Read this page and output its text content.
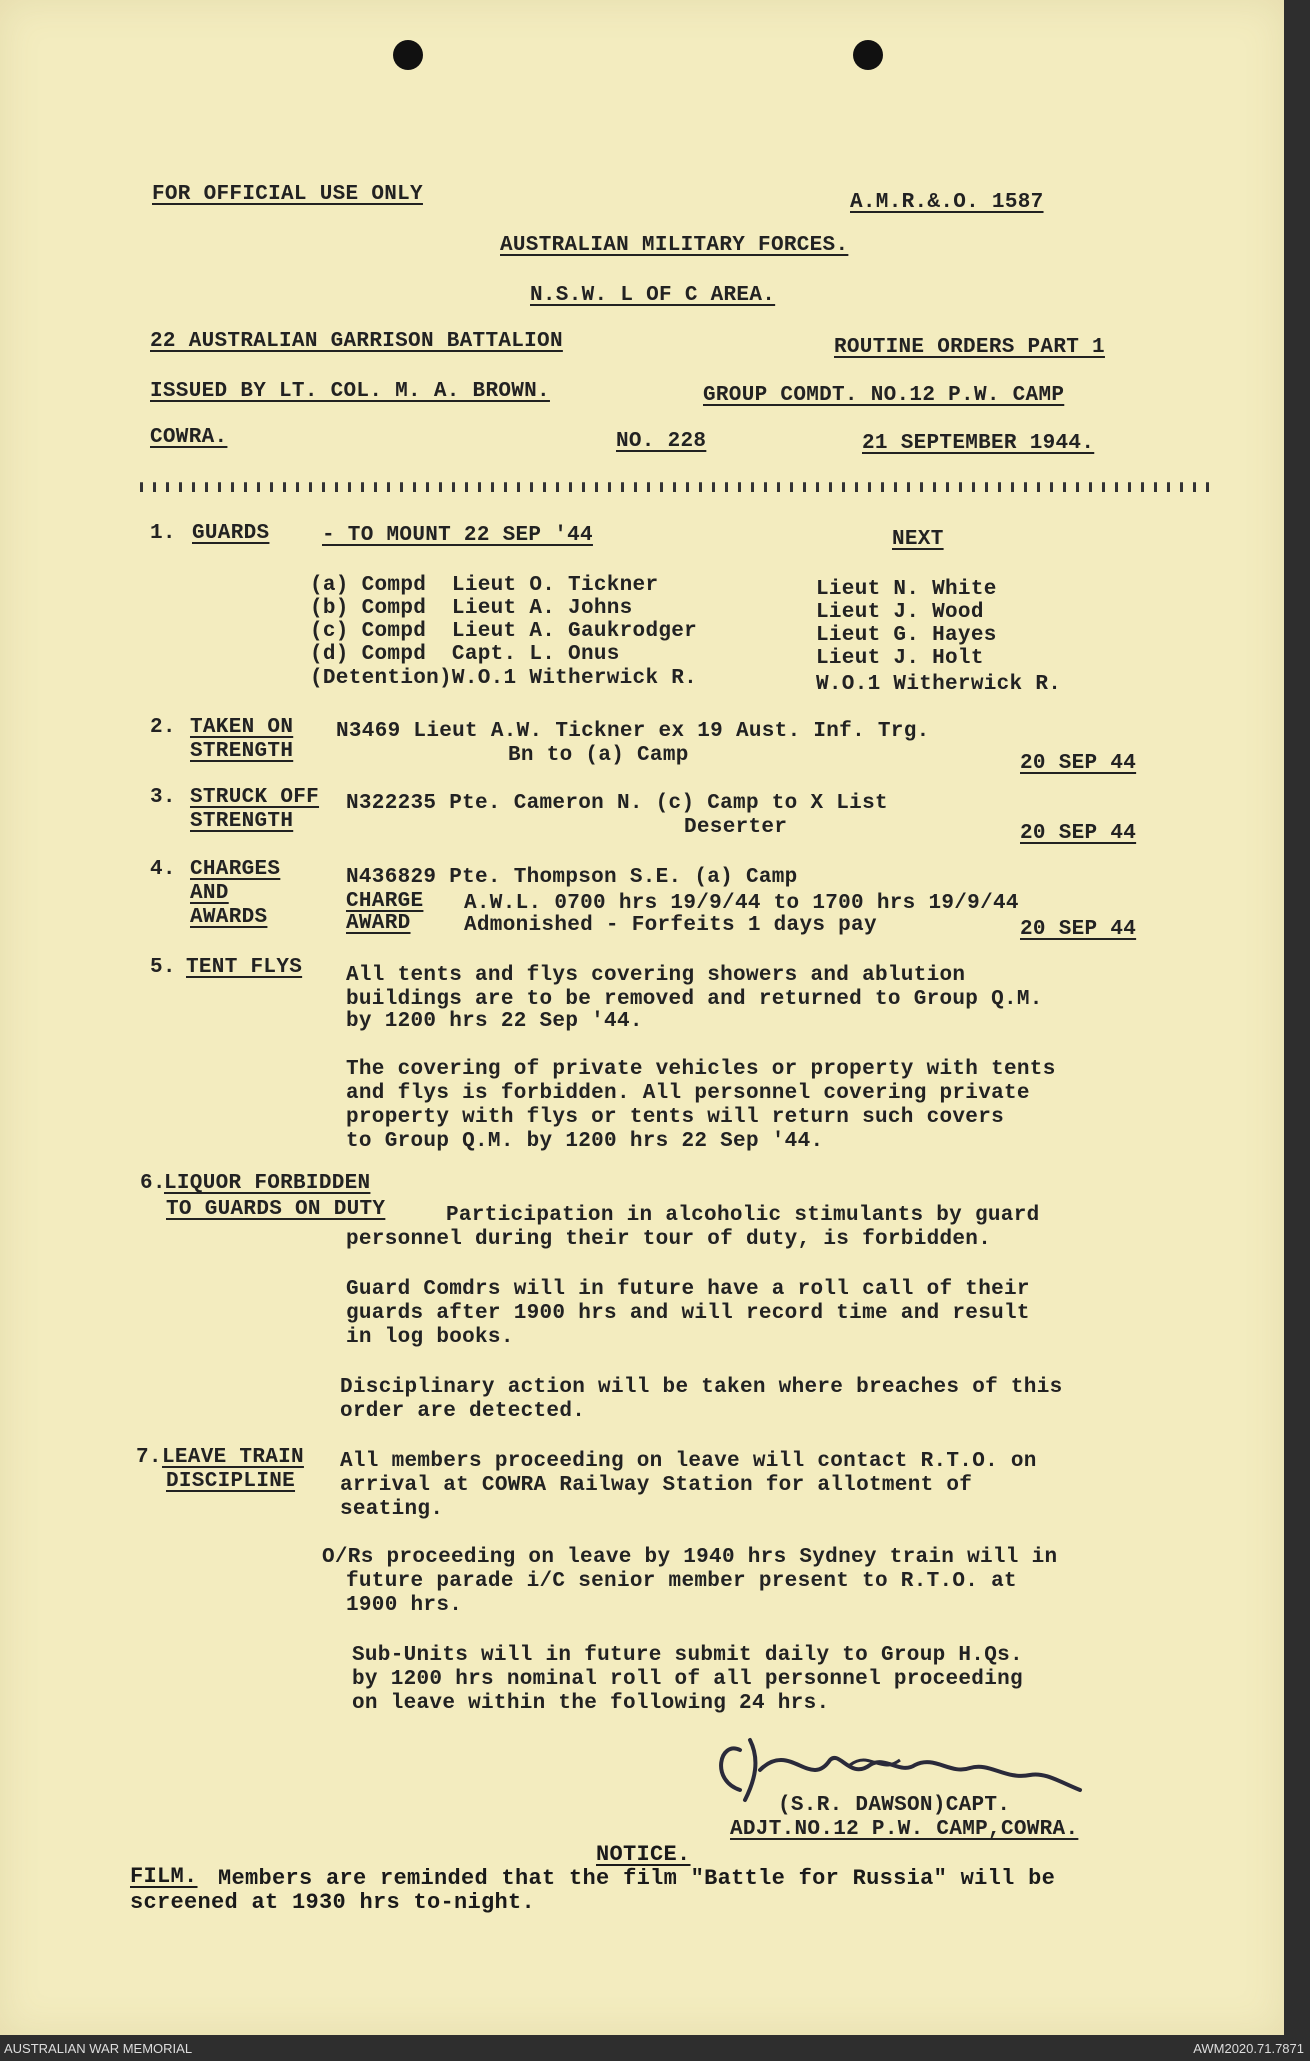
FOR OFFICIAL USE ONLY	A.M.R.&.O. 1587
AUSTRALIAN MILITARY FORCES.
N.S.W. L OF C AREA.
22 AUSTRALIAN GARRISON BATTALION	ROUTINE ORDERS PART 1
ISSUED BY LT. COL. M. A. BROWN.	GROUP COMDT. NO.12 P.W. CAMP
COWRA.	NO. 228	21 SEPTEMBER 1944.
1. GUARDS	- TO MOUNT 22 SEP '44	NEXT
(a) Compd  Lieut O. Tickner	Lieut N. White
(b) Compd  Lieut A. Johns	Lieut J. Wood
(c) Compd  Lieut A. Gaukrodger	Lieut G. Hayes
(d) Compd  Capt. L. Onus	Lieut J. Holt
(Detention)W.O.1 Witherwick R.	W.O.1 Witherwick R.
2. TAKEN ON
STRENGTH
N3469 Lieut A.W. Tickner ex 19 Aust. Inf. Trg.
Bn to (a) Camp	20 SEP 44
3. STRUCK OFF
STRENGTH
N322235 Pte. Cameron N. (c) Camp to X List
Deserter	20 SEP 44
4. CHARGES
AND
AWARDS
N436829 Pte. Thompson S.E. (a) Camp
CHARGE A.W.L. 0700 hrs 19/9/44 to 1700 hrs 19/9/44
AWARD	Admonished - Forfeits 1 days pay	20 SEP 44
5. TENT FLYS All tents and flys covering showers and ablution
buildings are to be removed and returned to Group Q.M.
by 1200 hrs 22 Sep '44.
The covering of private vehicles or property with tents
and flys is forbidden. All personnel covering private
property with flys or tents will return such covers
to Group Q.M. by 1200 hrs 22 Sep '44.
6.
LIQUOR FORBIDDEN
TO GUARDS ON DUTY	Participation in alcoholic stimulants by guard
personnel during their tour of duty, is forbidden.
Guard Comdrs will in future have a roll call of their
guards after 1900 hrs and will record time and result
in log books.
Disciplinary action will be taken where breaches of this
order are detected.
7. LEAVE TRAIN
DISCIPLINE
All members proceeding on leave will contact R.T.O. on
arrival at COWRA Railway Station for allotment of
seating.
O/Rs proceeding on leave by 1940 hrs Sydney train will in
future parade i/C senior member present to R.T.O. at
1900 hrs.
Sub-Units will in future submit daily to Group H.Qs.
by 1200 hrs nominal roll of all personnel proceeding
on leave within the following 24 hrs.
(S.R. DAWSON)CAPT.
ADJT.NO.12 P.W. CAMP,COWRA.
NOTICE.
FILM. Members are reminded that the film "Battle for Russia" will be
screened at 1930 hrs to-night.
AUSTRALIAN WAR MEMORIAL	AWM2020.71.7871
